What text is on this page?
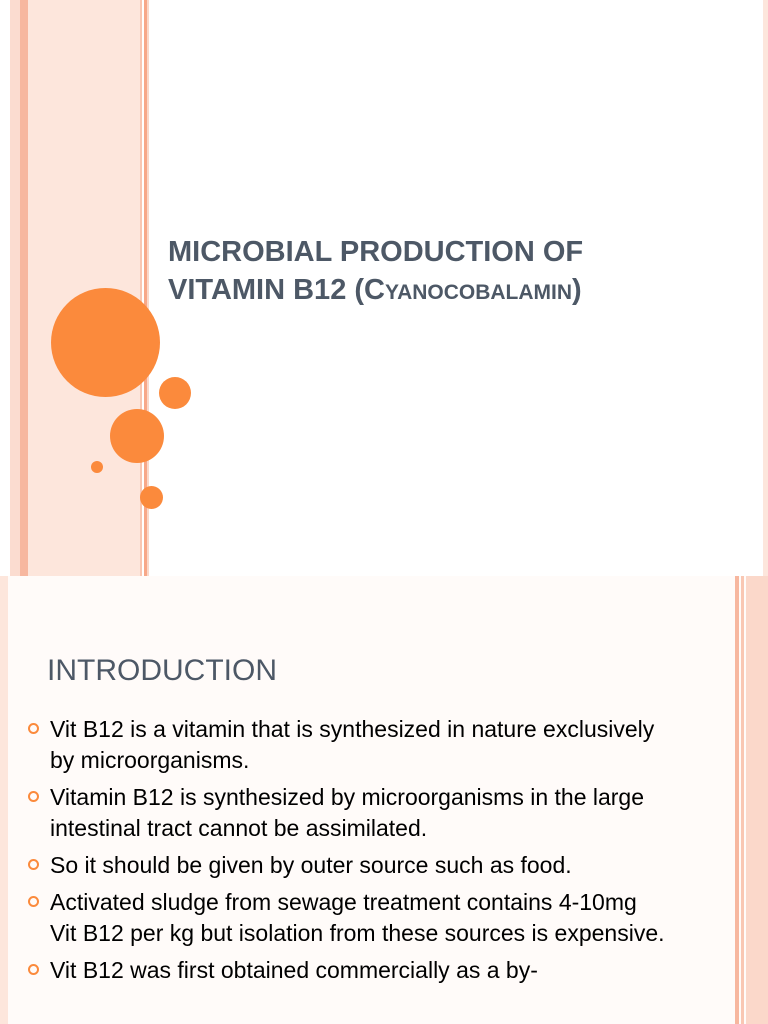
MICROBIAL PRODUCTION OF
VITAMIN B12 (CYANOCOBALAMIN)
INTRODUCTION
Vit B12 is a vitamin that is synthesized in nature exclusively by microorganisms.
Vitamin B12 is synthesized by microorganisms in the large intestinal tract cannot be assimilated.
So it should be given by outer source such as food.
Activated sludge from sewage treatment contains 4-10mg Vit B12 per kg but isolation from these sources is expensive.
Vit B12 was first obtained commercially as a by-
